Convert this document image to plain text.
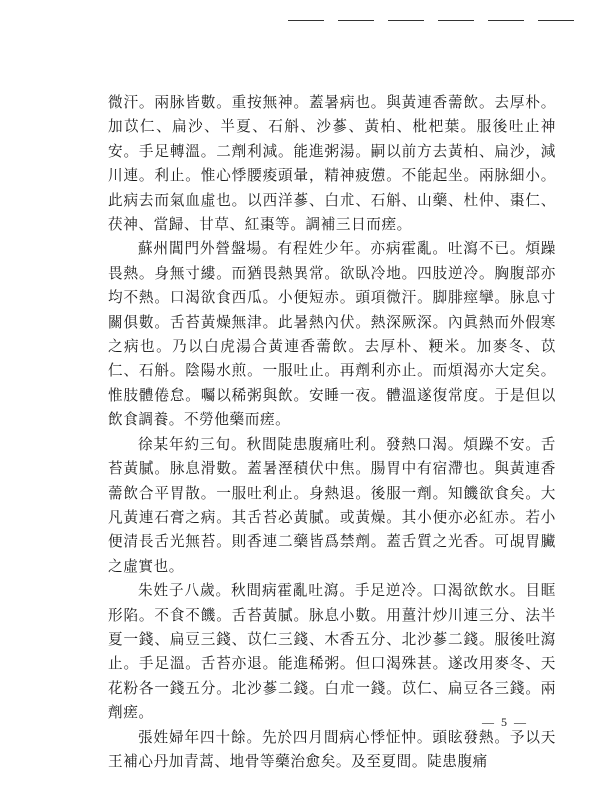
微汗。兩脉皆數。重按無神。蓋暑病也。與黃連香薷飲。去厚朴。加苡仁、扁沙、半夏、石斛、沙蔘、黃柏、枇杷葉。服後吐止神安。手足轉溫。二劑利減。能進粥湯。嗣以前方去黃柏、扁沙，減川連。利止。惟心悸腰痠頭暈，精神疲憊。不能起坐。兩脉細小。此病去而氣血虛也。以西洋蔘、白朮、石斛、山藥、杜仲、棗仁、茯神、當歸、甘草、紅棗等。調補三日而瘥。

蘇州閶門外營盤場。有程姓少年。亦病霍亂。吐瀉不已。煩躁畏熱。身無寸縷。而猶畏熱異常。欲臥冷地。四肢逆冷。胸腹部亦均不熱。口渴欲食西瓜。小便短赤。頭項微汗。脚腓痙攣。脉息寸關俱數。舌苔黃燥無津。此暑熱內伏。熱深厥深。內眞熱而外假寒之病也。乃以白虎湯合黃連香薷飲。去厚朴、粳米。加麥冬、苡仁、石斛。陰陽水煎。一服吐止。再劑利亦止。而煩渴亦大定矣。惟肢體倦怠。囑以稀粥與飲。安睡一夜。體溫遂復常度。于是但以飲食調養。不勞他藥而瘥。

徐某年約三旬。秋間陡患腹痛吐利。發熱口渴。煩躁不安。舌苔黃膩。脉息滑數。蓋暑溼積伏中焦。腸胃中有宿滯也。與黃連香薷飲合平胃散。一服吐利止。身熱退。後服一劑。知饑欲食矣。大凡黃連石膏之病。其舌苔必黃膩。或黃燥。其小便亦必紅赤。若小便清長舌光無苔。則香連二藥皆爲禁劑。蓋舌質之光香。可覘胃臟之虛實也。

朱姓子八歲。秋間病霍亂吐瀉。手足逆冷。口渴欲飲水。目眶形陷。不食不饑。舌苔黃膩。脉息小數。用薑汁炒川連三分、法半夏一錢、扁豆三錢、苡仁三錢、木香五分、北沙蔘二錢。服後吐瀉止。手足溫。舌苔亦退。能進稀粥。但口渴殊甚。遂改用麥冬、天花粉各一錢五分。北沙蔘二錢。白朮一錢。苡仁、扁豆各三錢。兩劑瘥。

張姓婦年四十餘。先於四月間病心悸怔忡。頭眩發熱。予以天王補心丹加青蒿、地骨等藥治愈矣。及至夏間。陡患腹痛

— 5 —
